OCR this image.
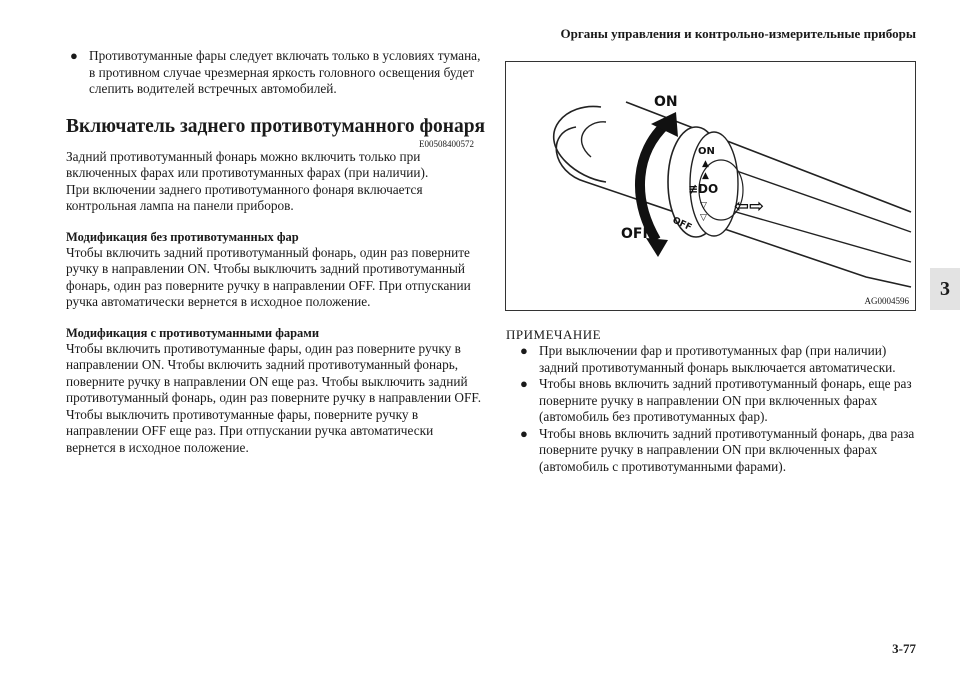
Органы управления и контрольно-измерительные приборы
3

● Противотуманные фары следует включать только в условиях тумана, в противном случае чрезмерная яркость головного освещения будет слепить водителей встречных автомобилей.

Включатель заднего противотуманного фонаря
E00508400572

Задний противотуманный фонарь можно включить только при включенных фарах или противотуманных фарах (при наличии).

При включении заднего противотуманного фонаря включается контрольная лампа на панели приборов.

Модификация без противотуманных фар

Чтобы включить задний противотуманный фонарь, один раз поверните ручку в направлении ON. Чтобы выключить задний противотуманный фонарь, один раз поверните ручку в направлении OFF. При отпускании ручка автоматически вернется в исходное положение.

Модификация с противотуманными фарами

Чтобы включить противотуманные фары, один раз поверните ручку в направлении ON. Чтобы включить задний противотуманный фонарь, поверните ручку в направлении ON еще раз. Чтобы выключить задний противотуманный фонарь, один раз поверните ручку в направлении OFF. Чтобы выключить противотуманные фары, поверните ручку в направлении OFF еще раз. При отпускании ручка автоматически вернется в исходное положение.

ON
▲
▲
≢DO
▽
▽
OFF
ON
OFF
⇦⇨
AG0004596
ПРИМЕЧАНИЕ

● При выключении фар и противотуманных фар (при наличии) задний противотуманный фонарь выключается автоматически.

● Чтобы вновь включить задний противотуманный фонарь, еще раз поверните ручку в направлении ON при включенных фарах (автомобиль без противотуманных фар).

● Чтобы вновь включить задний противотуманный фонарь, два раза поверните ручку в направлении ON при включенных фарах (автомобиль с противотуманными фарами).

3-77
